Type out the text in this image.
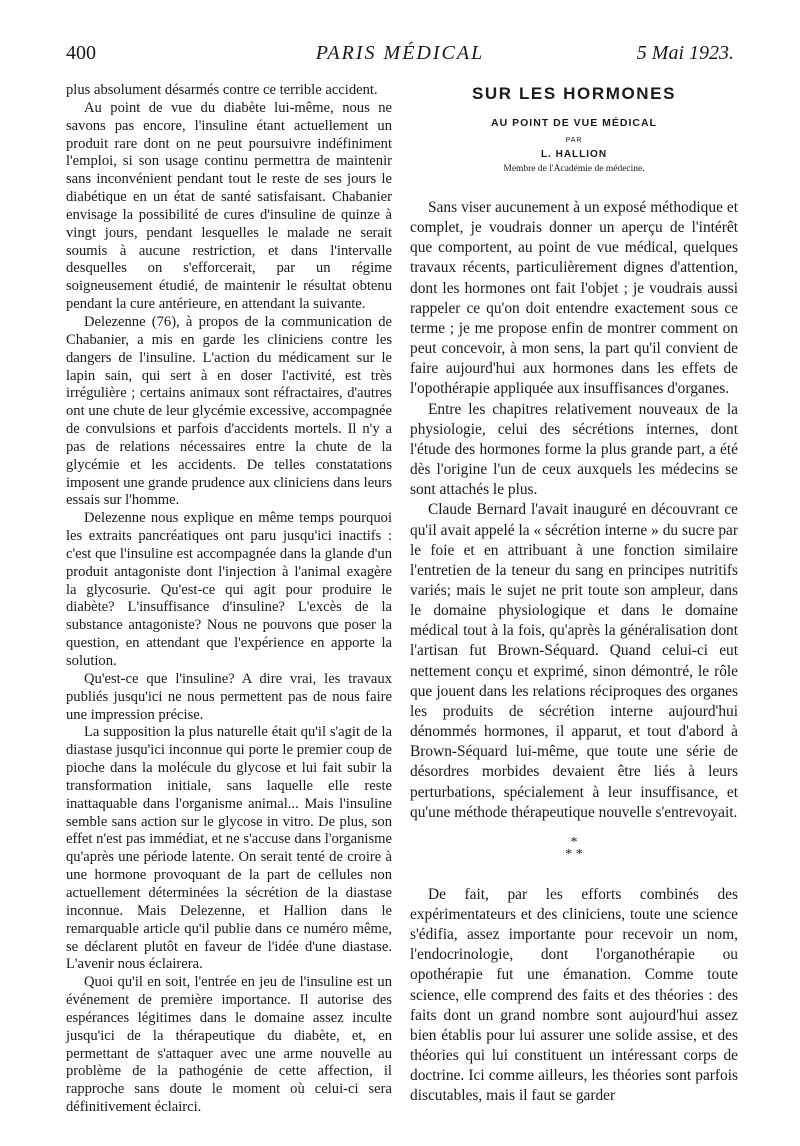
400	PARIS MÉDICAL	5 Mai 1923.

plus absolument désarmés contre ce terrible accident.

Au point de vue du diabète lui-même, nous ne savons pas encore, l'insuline étant actuellement un produit rare dont on ne peut poursuivre indéfiniment l'emploi, si son usage continu permettra de maintenir sans inconvénient pendant tout le reste de ses jours le diabétique en un état de santé satisfaisant. Chabanier envisage la possibilité de cures d'insuline de quinze à vingt jours, pendant lesquelles le malade ne serait soumis à aucune restriction, et dans l'intervalle desquelles on s'efforcerait, par un régime soigneusement étudié, de maintenir le résultat obtenu pendant la cure antérieure, en attendant la suivante.

Delezenne (76), à propos de la communication de Chabanier, a mis en garde les cliniciens contre les dangers de l'insuline. L'action du médicament sur le lapin sain, qui sert à en doser l'activité, est très irrégulière ; certains animaux sont réfractaires, d'autres ont une chute de leur glycémie excessive, accompagnée de convulsions et parfois d'accidents mortels. Il n'y a pas de relations nécessaires entre la chute de la glycémie et les accidents. De telles constatations imposent une grande prudence aux cliniciens dans leurs essais sur l'homme.

Delezenne nous explique en même temps pourquoi les extraits pancréatiques ont paru jusqu'ici inactifs : c'est que l'insuline est accompagnée dans la glande d'un produit antagoniste dont l'injection à l'animal exagère la glycosurie. Qu'est-ce qui agit pour produire le diabète? L'insuffisance d'insuline? L'excès de la substance antagoniste? Nous ne pouvons que poser la question, en attendant que l'expérience en apporte la solution.

Qu'est-ce que l'insuline? A dire vrai, les travaux publiés jusqu'ici ne nous permettent pas de nous faire une impression précise.

La supposition la plus naturelle était qu'il s'agit de la diastase jusqu'ici inconnue qui porte le premier coup de pioche dans la molécule du glycose et lui fait subir la transformation initiale, sans laquelle elle reste inattaquable dans l'organisme animal... Mais l'insuline semble sans action sur le glycose in vitro. De plus, son effet n'est pas immédiat, et ne s'accuse dans l'organisme qu'après une période latente. On serait tenté de croire à une hormone provoquant de la part de cellules non actuellement déterminées la sécrétion de la diastase inconnue. Mais Delezenne, et Hallion dans le remarquable article qu'il publie dans ce numéro même, se déclarent plutôt en faveur de l'idée d'une diastase. L'avenir nous éclairera.

Quoi qu'il en soit, l'entrée en jeu de l'insuline est un événement de première importance. Il autorise des espérances légitimes dans le domaine assez inculte jusqu'ici de la thérapeutique du diabète, et, en permettant de s'attaquer avec une arme nouvelle au problème de la pathogénie de cette affection, il rapproche sans doute le moment où celui-ci sera définitivement éclairci.

SUR LES HORMONES
AU POINT DE VUE MÉDICAL
PAR
L. HALLION
Membre de l'Académie de médecine.

Sans viser aucunement à un exposé méthodique et complet, je voudrais donner un aperçu de l'intérêt que comportent, au point de vue médical, quelques travaux récents, particulièrement dignes d'attention, dont les hormones ont fait l'objet ; je voudrais aussi rappeler ce qu'on doit entendre exactement sous ce terme ; je me propose enfin de montrer comment on peut concevoir, à mon sens, la part qu'il convient de faire aujourd'hui aux hormones dans les effets de l'opothérapie appliquée aux insuffisances d'organes.

Entre les chapitres relativement nouveaux de la physiologie, celui des sécrétions internes, dont l'étude des hormones forme la plus grande part, a été dès l'origine l'un de ceux auxquels les médecins se sont attachés le plus.

Claude Bernard l'avait inauguré en découvrant ce qu'il avait appelé la « sécrétion interne » du sucre par le foie et en attribuant à une fonction similaire l'entretien de la teneur du sang en principes nutritifs variés; mais le sujet ne prit toute son ampleur, dans le domaine physiologique et dans le domaine médical tout à la fois, qu'après la généralisation dont l'artisan fut Brown-Séquard. Quand celui-ci eut nettement conçu et exprimé, sinon démontré, le rôle que jouent dans les relations réciproques des organes les produits de sécrétion interne aujourd'hui dénommés hormones, il apparut, et tout d'abord à Brown-Séquard lui-même, que toute une série de désordres morbides devaient être liés à leurs perturbations, spécialement à leur insuffisance, et qu'une méthode thérapeutique nouvelle s'entrevoyait.

*
* *

De fait, par les efforts combinés des expérimentateurs et des cliniciens, toute une science s'édifia, assez importante pour recevoir un nom, l'endocrinologie, dont l'organothérapie ou opothérapie fut une émanation. Comme toute science, elle comprend des faits et des théories : des faits dont un grand nombre sont aujourd'hui assez bien établis pour lui assurer une solide assise, et des théories qui lui constituent un intéressant corps de doctrine. Ici comme ailleurs, les théories sont parfois discutables, mais il faut se garder
